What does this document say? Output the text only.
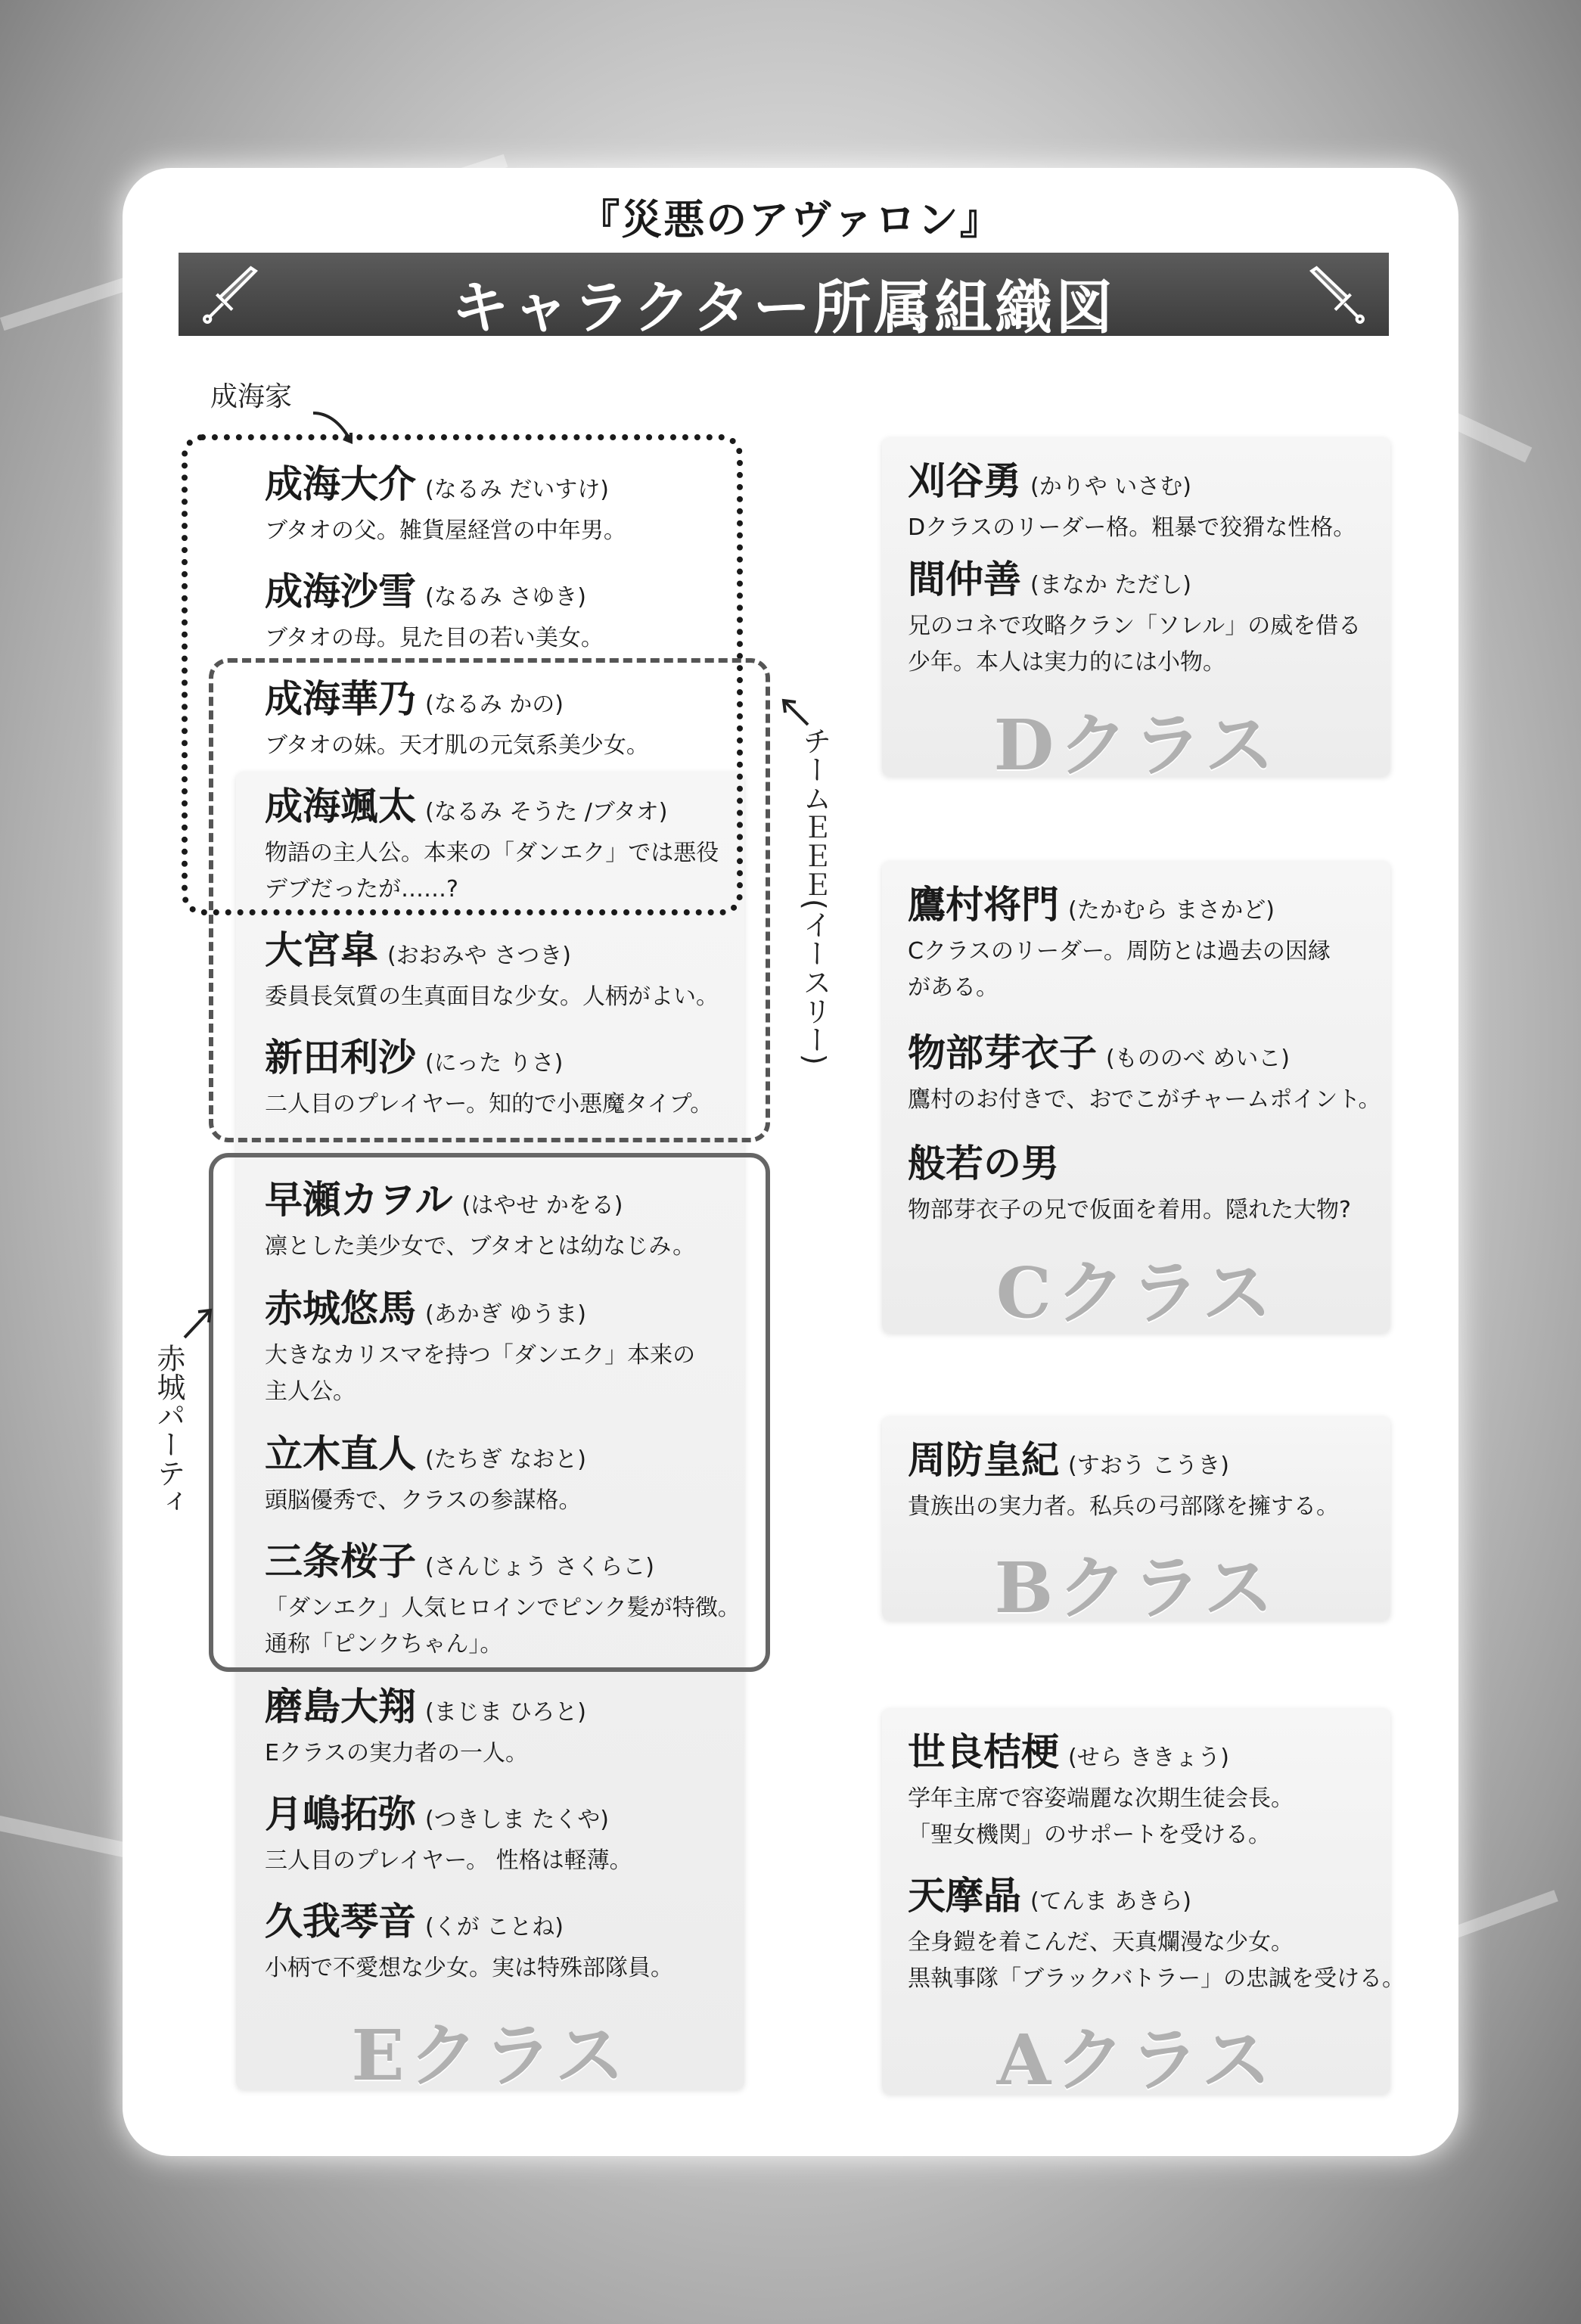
『災悪のアヴァロン』
キャラクター所属組織図
成海家
チームＥＥＥ(イースリー)
赤城パーティ
成海大介 (なるみ だいすけ)
ブタオの父。雑貨屋経営の中年男。
成海沙雪 (なるみ さゆき)
ブタオの母。見た目の若い美女。
成海華乃 (なるみ かの)
ブタオの妹。天才肌の元気系美少女。
成海颯太 (なるみ そうた /ブタオ)
物語の主人公。本来の「ダンエク」では悪役
デブだったが……?
大宮皐 (おおみや さつき)
委員長気質の生真面目な少女。人柄がよい。
新田利沙 (にった りさ)
二人目のプレイヤー。知的で小悪魔タイプ。
早瀬カヲル (はやせ かをる)
凛とした美少女で、ブタオとは幼なじみ。
赤城悠馬 (あかぎ ゆうま)
大きなカリスマを持つ「ダンエク」本来の
主人公。
立木直人 (たちぎ なおと)
頭脳優秀で、クラスの参謀格。
三条桜子 (さんじょう さくらこ)
「ダンエク」人気ヒロインでピンク髪が特徴。
通称「ピンクちゃん」。
磨島大翔 (まじま ひろと)
Eクラスの実力者の一人。
月嶋拓弥 (つきしま たくや)
三人目のプレイヤー。 性格は軽薄。
久我琴音 (くが ことね)
小柄で不愛想な少女。実は特殊部隊員。
Eクラス
刈谷勇 (かりや いさむ)
Dクラスのリーダー格。粗暴で狡猾な性格。
間仲善 (まなか ただし)
兄のコネで攻略クラン「ソレル」の威を借る
少年。本人は実力的には小物。
Dクラス
鷹村将門 (たかむら まさかど)
Cクラスのリーダー。周防とは過去の因縁
がある。
物部芽衣子 (もののべ めいこ)
鷹村のお付きで、おでこがチャームポイント。
般若の男
物部芽衣子の兄で仮面を着用。隠れた大物?
Cクラス
周防皇紀 (すおう こうき)
貴族出の実力者。私兵の弓部隊を擁する。
Bクラス
世良桔梗 (せら ききょう)
学年主席で容姿端麗な次期生徒会長。
「聖女機関」のサポートを受ける。
天摩晶 (てんま あきら)
全身鎧を着こんだ、天真爛漫な少女。
黒執事隊「ブラックバトラー」の忠誠を受ける。
Aクラス
